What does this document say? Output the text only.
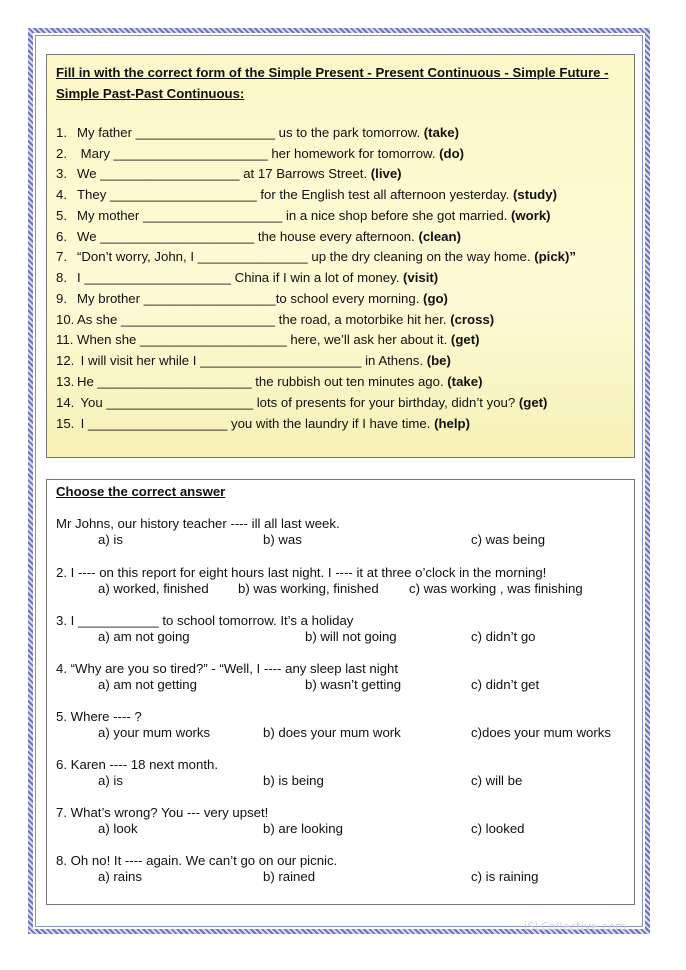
Fill in with the correct form of the Simple Present - Present Continuous - Simple Future - Simple Past-Past Continuous:
1. My father ___________________ us to the park tomorrow. (take)
2. Mary _____________________ her homework for tomorrow. (do)
3. We ___________________ at 17 Barrows Street. (live)
4. They ____________________ for the English test all afternoon yesterday. (study)
5. My mother ___________________ in a nice shop before she got married. (work)
6. We _____________________ the house every afternoon. (clean)
7. “Don’t worry, John, I _______________ up the dry cleaning on the way home. (pick)”
8. I ____________________ China if I win a lot of money. (visit)
9. My brother __________________to school every morning. (go)
10. As she _____________________ the road, a motorbike hit her. (cross)
11. When she ____________________ here, we’ll ask her about it. (get)
12. I will visit her while I ______________________ in Athens. (be)
13. He _____________________ the rubbish out ten minutes ago. (take)
14. You ____________________ lots of presents for your birthday, didn’t you? (get)
15. I ___________________ you with the laundry if I have time. (help)
Choose the correct answer
Mr Johns, our history teacher ---- ill all last week.
a) is	b) was	c) was being
2. I ---- on this report for eight hours last night. I ---- it at three o’clock in the morning!
a) worked, finished b) was working, finished c) was working , was finishing
3. I ___________ to school tomorrow. It’s a holiday
a) am not going	b) will not going	c) didn’t go
4. “Why are you so tired?” - “Well, I ---- any sleep last night
a) am not getting	b) wasn’t getting	c) didn’t get
5. Where ---- ?
a) your mum works	b) does your mum work	c)does your mum works
6. Karen ---- 18 next month.
a) is	b) is being	c) will be
7. What’s wrong? You --- very upset!
a) look	b) are looking	c) looked
8. Oh no! It ---- again. We can’t go on our picnic.
a) rains	b) rained	c) is raining
iSLCollective.com
